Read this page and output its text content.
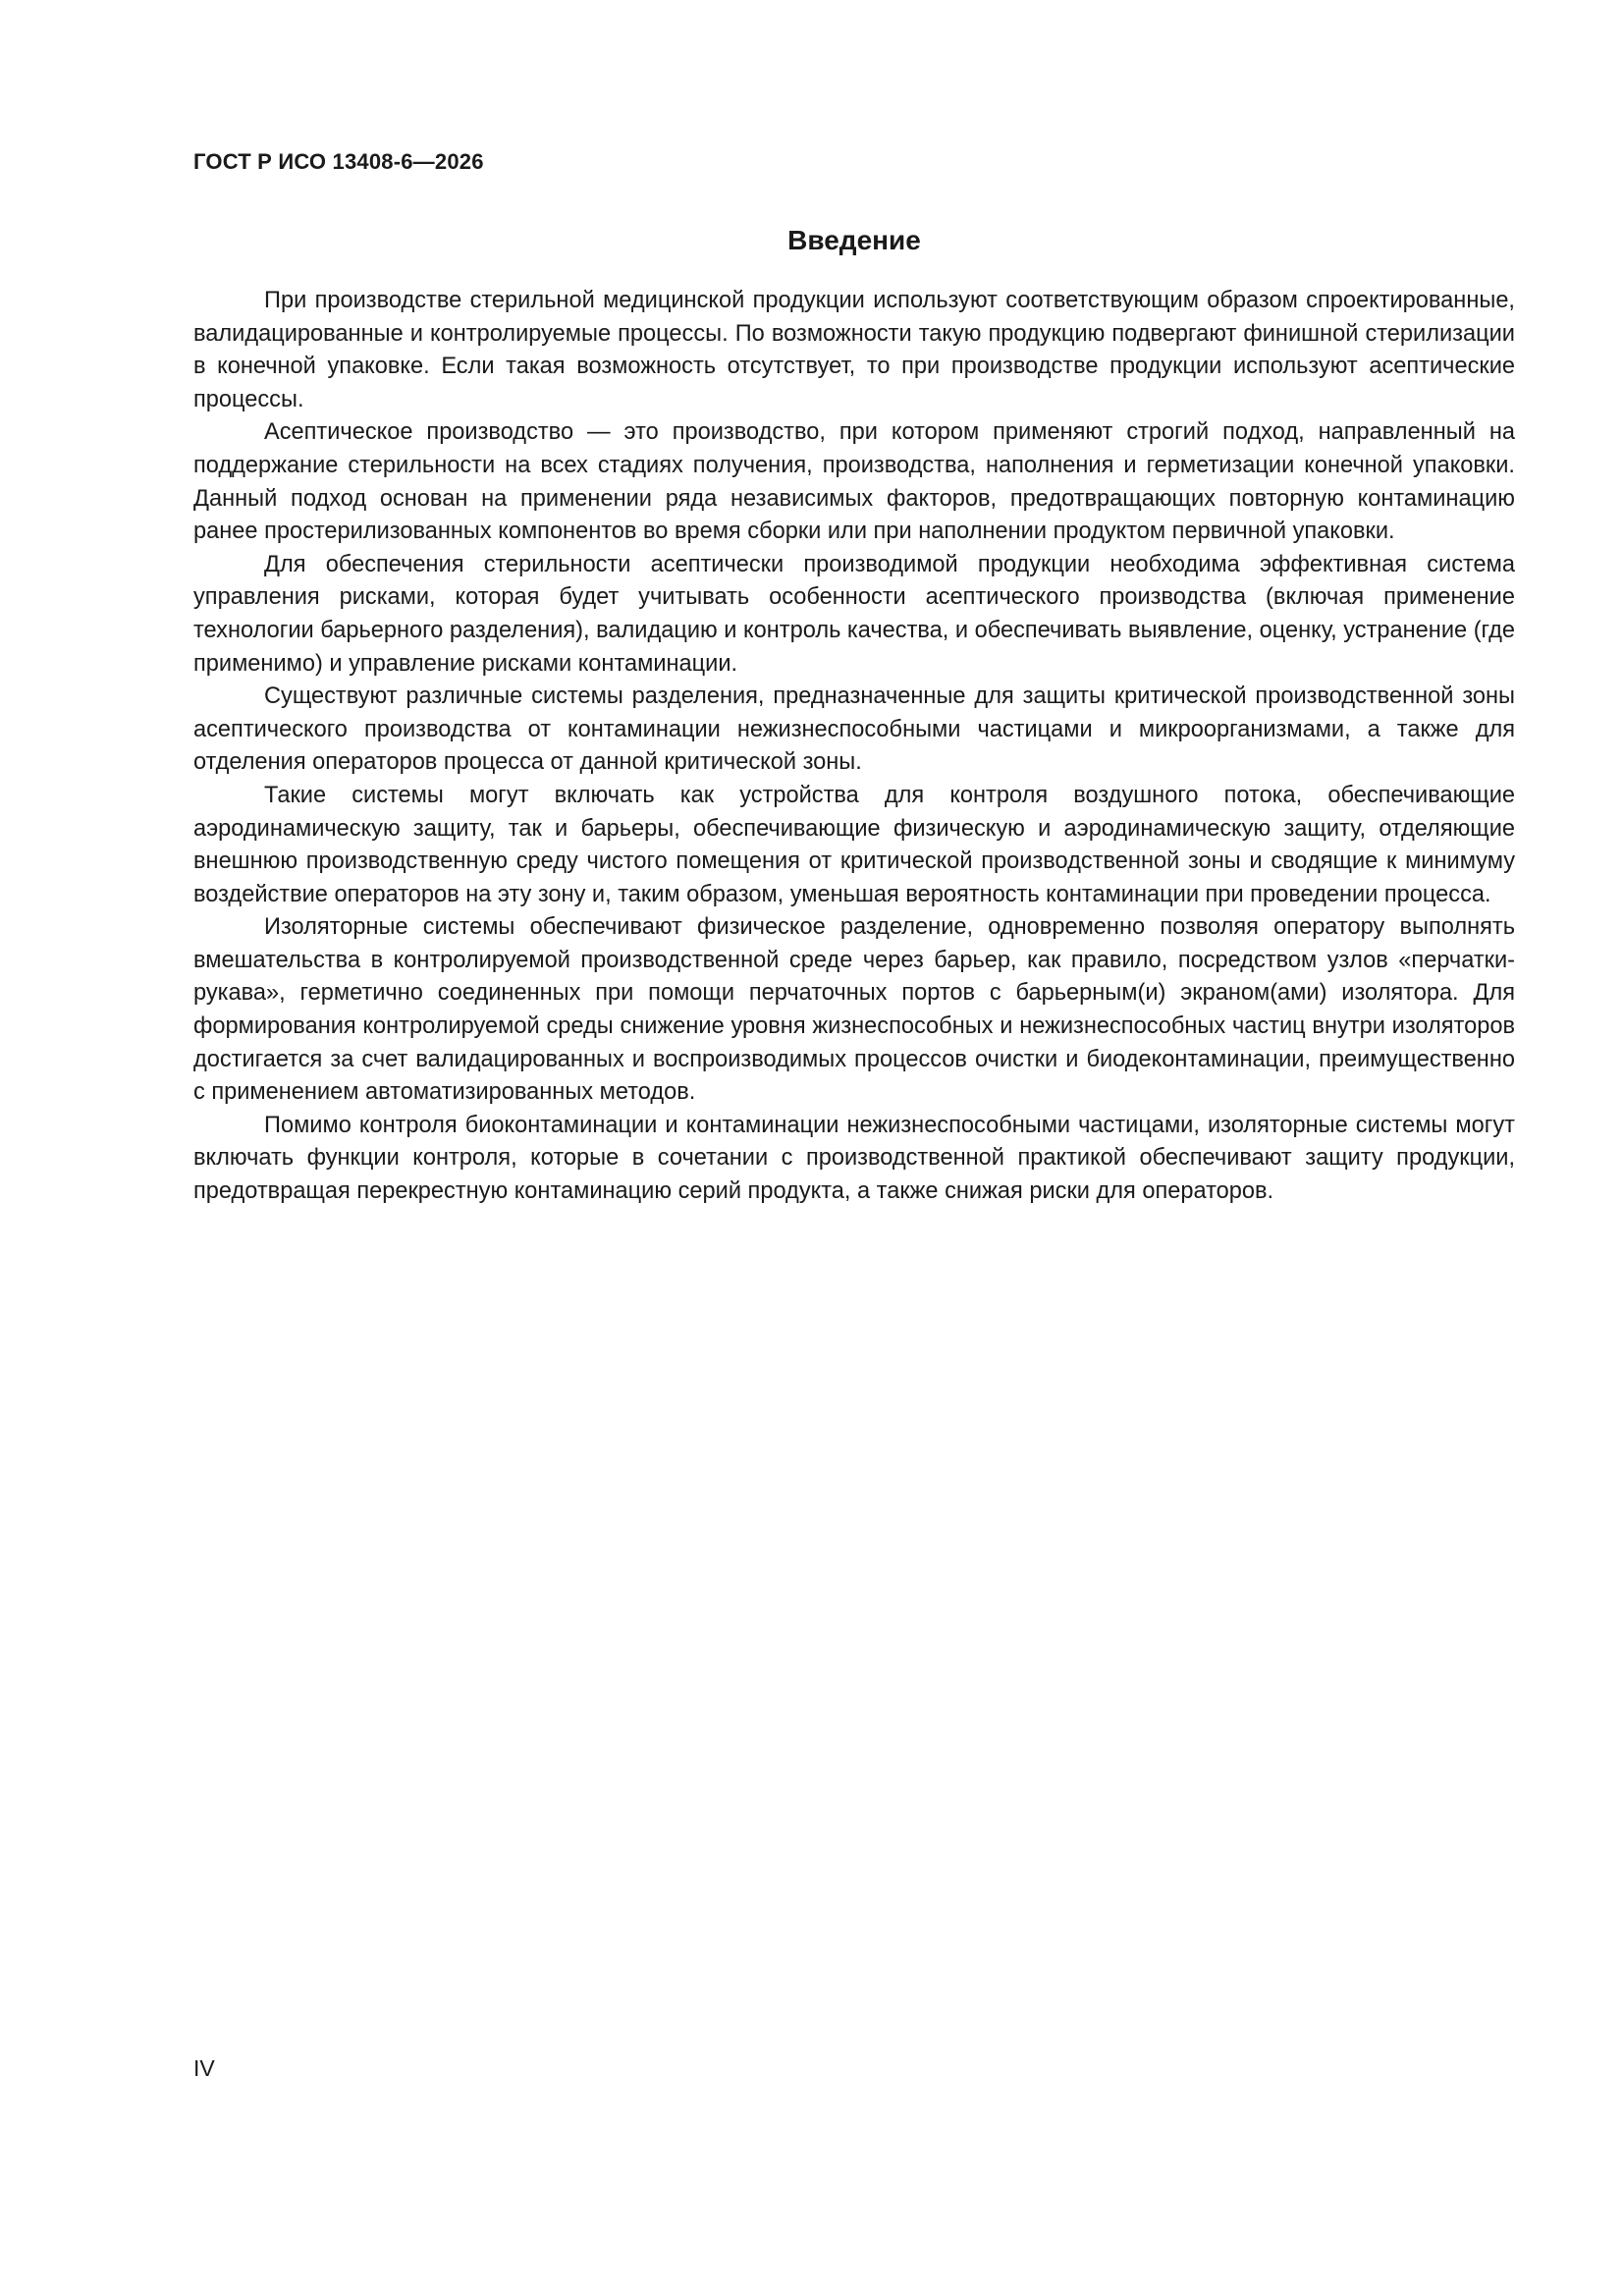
ГОСТ Р ИСО 13408-6—2026
Введение

При производстве стерильной медицинской продукции используют соответствующим образом спроектированные, валидацированные и контролируемые процессы. По возможности такую продукцию подвергают финишной стерилизации в конечной упаковке. Если такая возможность отсутствует, то при производстве продукции используют асептические процессы.

Асептическое производство — это производство, при котором применяют строгий подход, направленный на поддержание стерильности на всех стадиях получения, производства, наполнения и герметизации конечной упаковки. Данный подход основан на применении ряда независимых факторов, предотвращающих повторную контаминацию ранее простерилизованных компонентов во время сборки или при наполнении продуктом первичной упаковки.

Для обеспечения стерильности асептически производимой продукции необходима эффективная система управления рисками, которая будет учитывать особенности асептического производства (включая применение технологии барьерного разделения), валидацию и контроль качества, и обеспечивать выявление, оценку, устранение (где применимо) и управление рисками контаминации.

Существуют различные системы разделения, предназначенные для защиты критической производственной зоны асептического производства от контаминации нежизнеспособными частицами и микроорганизмами, а также для отделения операторов процесса от данной критической зоны.

Такие системы могут включать как устройства для контроля воздушного потока, обеспечивающие аэродинамическую защиту, так и барьеры, обеспечивающие физическую и аэродинамическую защиту, отделяющие внешнюю производственную среду чистого помещения от критической производственной зоны и сводящие к минимуму воздействие операторов на эту зону и, таким образом, уменьшая вероятность контаминации при проведении процесса.

Изоляторные системы обеспечивают физическое разделение, одновременно позволяя оператору выполнять вмешательства в контролируемой производственной среде через барьер, как правило, посредством узлов «перчатки-рукава», герметично соединенных при помощи перчаточных портов с барьерным(и) экраном(ами) изолятора. Для формирования контролируемой среды снижение уровня жизнеспособных и нежизнеспособных частиц внутри изоляторов достигается за счет валидацированных и воспроизводимых процессов очистки и биодеконтаминации, преимущественно с применением автоматизированных методов.

Помимо контроля биоконтаминации и контаминации нежизнеспособными частицами, изоляторные системы могут включать функции контроля, которые в сочетании с производственной практикой обеспечивают защиту продукции, предотвращая перекрестную контаминацию серий продукта, а также снижая риски для операторов.

IV
